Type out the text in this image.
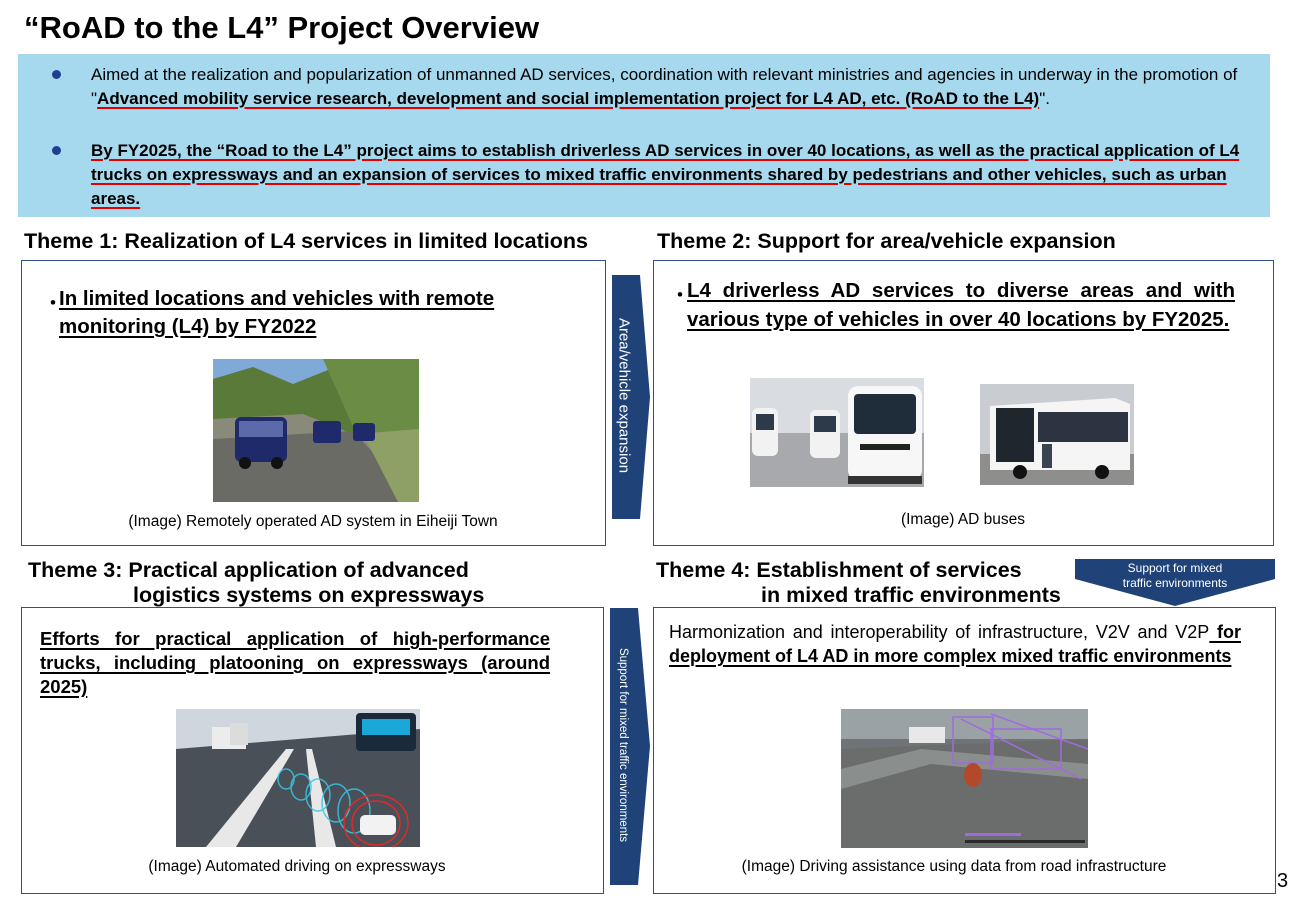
“RoAD to the L4” Project Overview
Aimed at the realization and popularization of unmanned AD services, coordination with relevant ministries and agencies in underway in the promotion of "Advanced mobility service research, development and social implementation project for L4 AD, etc. (RoAD to the L4)".
By FY2025, the “Road to the L4” project aims to establish driverless AD services in over 40 locations, as well as the practical application of L4 trucks on expressways and an expansion of services to mixed traffic environments shared by pedestrians and other vehicles, such as urban areas.
Theme 1: Realization of L4 services in limited locations	Theme 2: Support for area/vehicle expansion
・
In limited locations and vehicles with remote monitoring (L4) by FY2022
(Image) Remotely operated AD system in Eiheiji Town
Area/vehicle expansion
・
L4 driverless AD services to diverse areas and with various type of vehicles in over 40 locations by FY2025.
(Image) AD buses
Theme 3: Practical application of advanced
logistics systems on expressways
Theme 4: Establishment of services
in mixed traffic environments
Support for mixed
traffic environments
Efforts for practical application of high-performance trucks, including platooning on expressways (around 2025)
(Image) Automated driving on expressways
Support for mixed traffic environments
Harmonization and interoperability of infrastructure, V2V and V2P for deployment of L4 AD in more complex mixed traffic environments
(Image) Driving assistance using data from road infrastructure
3
